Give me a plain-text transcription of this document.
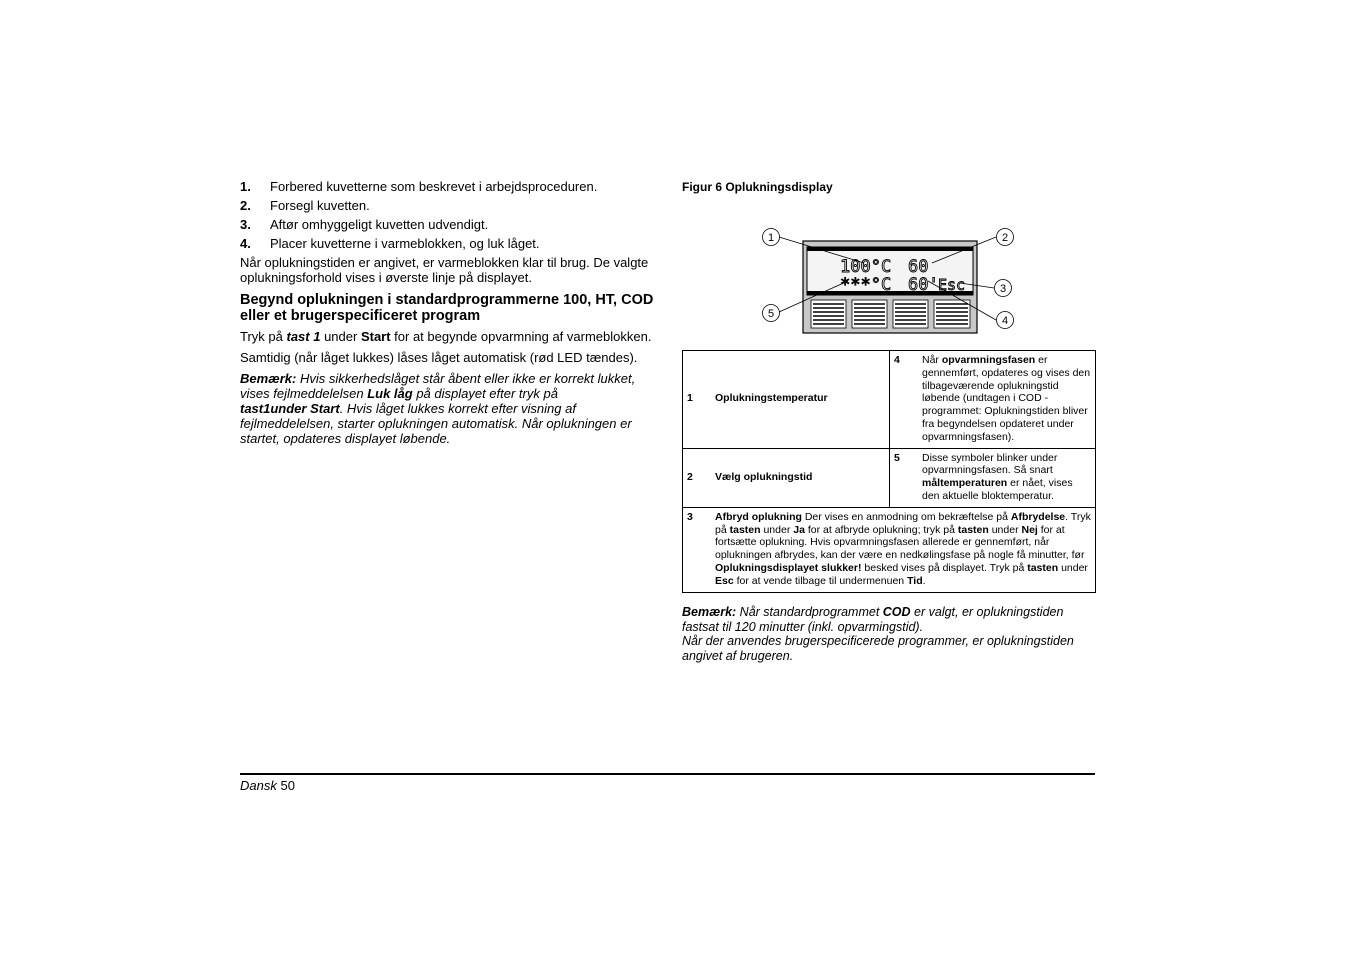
1. Forbered kuvetterne som beskrevet i arbejdsproceduren.
2. Forsegl kuvetten.
3. Aftør omhyggeligt kuvetten udvendigt.
4. Placer kuvetterne i varmeblokken, og luk låget.

Når oplukningstiden er angivet, er varmeblokken klar til brug. De valgte oplukningsforhold vises i øverste linje på displayet.

Begynd oplukningen i standardprogrammerne 100, HT, COD eller et brugerspecificeret program

Tryk på tast 1 under Start for at begynde opvarmning af varmeblokken.

Samtidig (når låget lukkes) låses låget automatisk (rød LED tændes).

Bemærk: Hvis sikkerhedslåget står åbent eller ikke er korrekt lukket, vises fejlmeddelelsen Luk låg på displayet efter tryk på
tast1under Start. Hvis låget lukkes korrekt efter visning af fejlmeddelelsen, starter oplukningen automatisk. Når oplukningen er startet, opdateres displayet løbende.

Figur 6 Oplukningsdisplay

100°C 60
***°C 60' Esc
1	2
3
4
5
1 Oplukningstemperatur	4 Når opvarmningsfasen er gennemført, opdateres og vises den tilbageværende oplukningstid løbende (undtagen i COD - programmet: Oplukningstiden bliver fra begyndelsen opdateret under opvarmningsfasen).

2 Vælg oplukningstid	5 Disse symboler blinker under opvarmningsfasen. Så snart måltemperaturen er nået, vises den aktuelle bloktemperatur.

3 Afbryd oplukning Der vises en anmodning om bekræftelse på Afbrydelse. Tryk på tasten under Ja for at afbryde oplukning; tryk på tasten under Nej for at fortsætte oplukning. Hvis opvarmningsfasen allerede er gennemført, når oplukningen afbrydes, kan der være en nedkølingsfase på nogle få minutter, før Oplukningsdisplayet slukker! besked vises på displayet. Tryk på tasten under Esc for at vende tilbage til undermenuen Tid.	

Bemærk: Når standardprogrammet COD er valgt, er oplukningstiden fastsat til 120 minutter (inkl. opvarmingstid).
Når der anvendes brugerspecificerede programmer, er oplukningstiden angivet af brugeren.

Dansk 50
